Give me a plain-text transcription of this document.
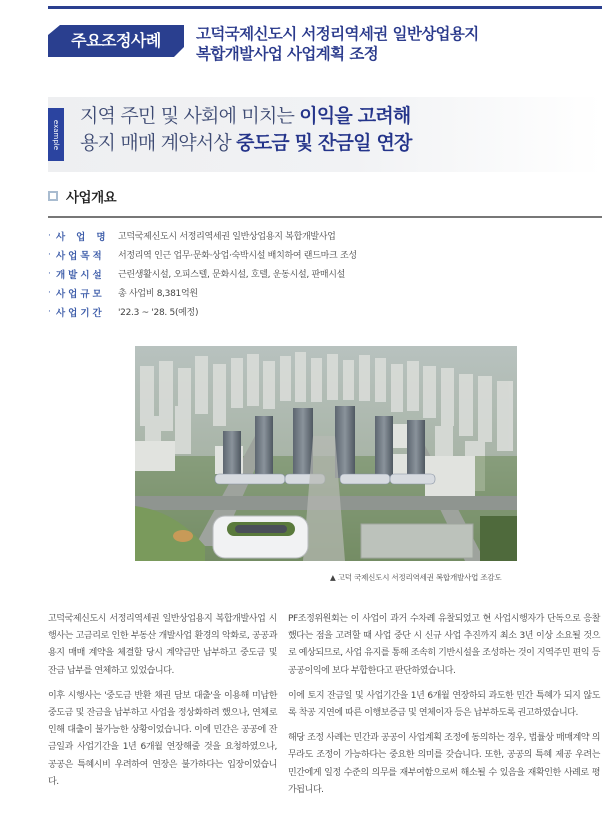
주요조정사례	고덕국제신도시 서정리역세권 일반상업용지
복합개발사업 사업계획 조정
example
지역 주민 및 사회에 미치는 이익을 고려해
용지 매매 계약서상 중도금 및 잔금일 연장
사업개요
· 사업명 고덕국제신도시 서정리역세권 일반상업용지 복합개발사업
· 사업목적	서정리역 인근 업무·문화·상업·숙박시설 배치하여 랜드마크 조성
· 개발시설	근린생활시설, 오피스텔, 문화시설, 호텔, 운동시설, 판매시설
· 사업규모	총 사업비 8,381억원
· 사업기간	'22.3 ~ '28. 5(예정)
▲ 고덕 국제신도시 서정리역세권 복합개발사업 조감도

고덕국제신도시 서정리역세권 일반상업용지 복합개발사업 시행사는 고금리로 인한 부동산 개발사업 환경의 악화로, 공공과 용지 매매 계약을 체결할 당시 계약금만 납부하고 중도금 및 잔금 납부를 연체하고 있었습니다.

이후 시행사는 '중도금 반환 채권 담보 대출'을 이용해 미납한 중도금 및 잔금을 납부하고 사업을 정상화하려 했으나, 연체로 인해 대출이 불가능한 상황이었습니다. 이에 민간은 공공에 잔금일과 사업기간을 1년 6개월 연장해줄 것을 요청하였으나, 공공은 특혜시비 우려하여 연장은 불가하다는 입장이었습니다.

PF조정위원회는 이 사업이 과거 수차례 유찰되었고 현 사업시행자가 단독으로 응찰했다는 점을 고려할 때 사업 중단 시 신규 사업 추진까지 최소 3년 이상 소요될 것으로 예상되므로, 사업 유지를 통해 조속히 기반시설을 조성하는 것이 지역주민 편익 등 공공이익에 보다 부합한다고 판단하였습니다.

이에 토지 잔금일 및 사업기간을 1년 6개월 연장하되 과도한 민간 특혜가 되지 않도록 착공 지연에 따른 이행보증금 및 연체이자 등은 납부하도록 권고하였습니다.

해당 조정 사례는 민간과 공공이 사업계획 조정에 동의하는 경우, 법률상 매매계약 의무라도 조정이 가능하다는 중요한 의미를 갖습니다. 또한, 공공의 특혜 제공 우려는 민간에게 일정 수준의 의무를 재부여함으로써 해소될 수 있음을 재확인한 사례로 평가됩니다.
